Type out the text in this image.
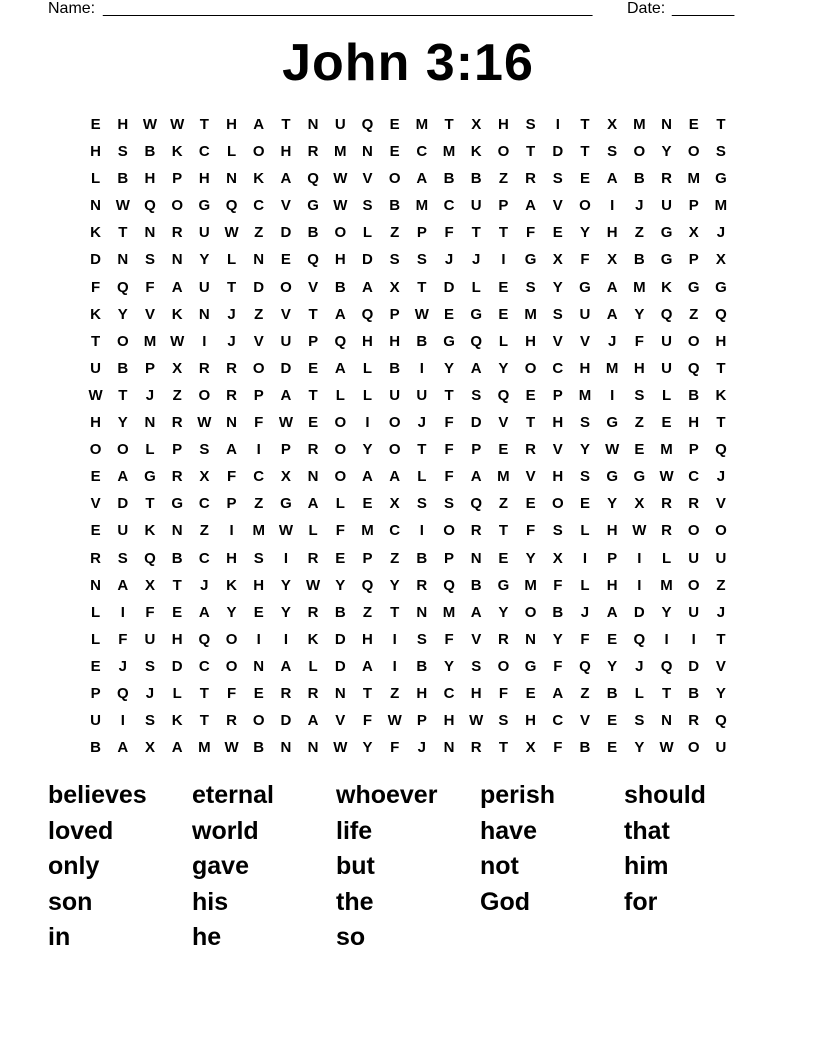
Name: _______________________________________________________ Date: _______
John 3:16
E	H W W	T	H	A	T	N	U	Q	E	M	T	X	H	S	I	T	X	M	N	E	T
H	S	B	K	C	L	O	H	R	M	N	E	C	M	K	O	T	D	T	S	O	Y	O	S
L	B	H	P	H	N	K	A	Q W	V	O	A	B	B	Z	R	S	E	A	B	R	M	G
N W Q	O	G	Q	C	V	G W	S	B	M	C	U	P	A	V	O	I	J	U	P	M
K	T	N	R	U W	Z	D	B	O	L	Z	P	F	T	T	F	E	Y	H	Z	G	X	J
D	N	S	N	Y	L	N	E	Q	H	D	S	S	J	J	I	G	X	F	X	B	G	P	X
F	Q	F	A	U	T	D	O	V	B	A	X	T	D	L	E	S	Y	G	A	M	K	G	G
K	Y	V	K	N	J	Z	V	T	A	Q	P	W	E	G	E	M	S	U	A	Y	Q	Z	Q
T	O	M W	I	J	V	U	P	Q	H	H	B	G	Q	L	H	V	V	J	F	U	O	H
U	B	P	X	R	R	O	D	E	A	L	B	I	Y	A	Y	O	C	H	M	H	U	Q	T
W	T	J	Z	O	R	P	A	T	L	L	U	U	T	S	Q	E	P	M	I	S	L	B	K
H	Y	N	R W N	F	W	E	O	I	O	J	F	D	V	T	H	S	G	Z	E	H	T
O	O	L	P	S	A	I	P	R	O	Y	O	T	F	P	E	R	V	Y	W	E	M	P	Q
E	A	G	R	X	F	C	X	N	O	A	A	L	F	A	M	V	H	S	G	G W C	J
V	D	T	G	C	P	Z	G	A	L	E	X	S	S	Q	Z	E	O	E	Y	X	R	R	V
E	U	K	N	Z	I	M W	L	F	M	C	I	O	R	T	F	S	L	H W R	O	O
R	S	Q	B	C	H	S	I	R	E	P	Z	B	P	N	E	Y	X	I	P	I	L	U	U
N	A	X	T	J	K	H	Y	W	Y	Q	Y	R	Q	B	G	M	F	L	H	I	M	O	Z
L	I	F	E	A	Y	E	Y	R	B	Z	T	N	M	A	Y	O	B	J	A	D	Y	U	J
L	F	U	H	Q	O	I	I	K	D	H	I	S	F	V	R	N	Y	F	E	Q	I	I	T
E	J	S	D	C	O	N	A	L	D	A	I	B	Y	S	O	G	F	Q	Y	J	Q	D	V
P	Q	J	L	T	F	E	R	R	N	T	Z	H	C	H	F	E	A	Z	B	L	T	B	Y
U	I	S	K	T	R	O	D	A	V	F	W	P	H W	S	H	C	V	E	S	N	R	Q
B	A	X	A	M W B	N	N W	Y	F	J	N	R	T	X	F	B	E	Y	W O	U
believes	eternal	whoever	perish	should
loved	world	life	have	that
only	gave	but	not	him
son	his	the	God	for
in	he	so
